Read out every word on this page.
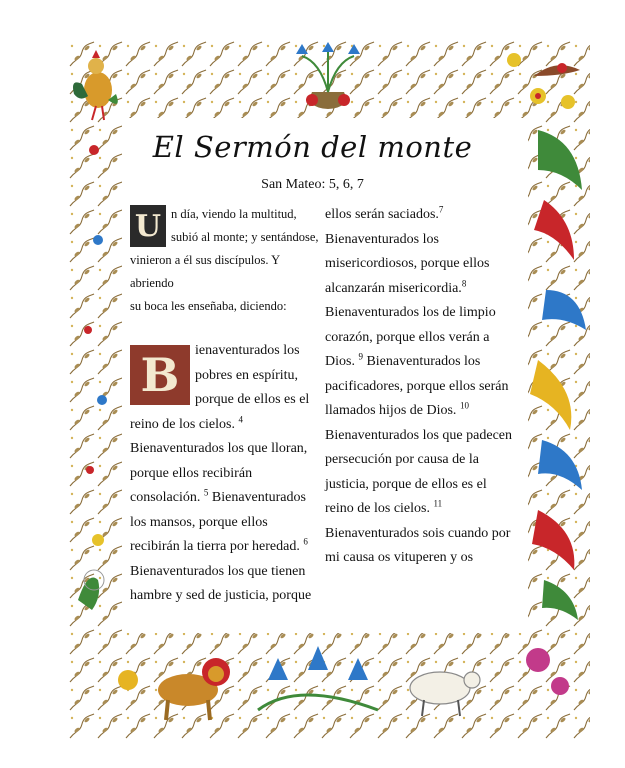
El Sermón del monte
San Mateo: 5, 6, 7
U n día, viendo la multitud,
subió al monte; y sentándose,
vinieron a él sus discípulos. Y abriendo
su boca les enseñaba, diciendo:
B	ienaventurados los
pobres en espíritu,
porque de ellos es el
reino de los cielos. $^4$
Bienaventurados los que lloran,
porque ellos recibirán
consolación. $^5$ Bienaventurados
los mansos, porque ellos
recibirán la tierra por heredad. $^6$
Bienaventurados los que tienen
hambre y sed de justicia, porque

ellos serán saciados.$^7$
Bienaventurados los
misericordiosos, porque ellos
alcanzarán misericordia.$^8$
Bienaventurados los de limpio
corazón, porque ellos verán a
Dios. $^9$ Bienaventurados los
pacificadores, porque ellos serán
llamados hijos de Dios. $^{10}$
Bienaventurados los que padecen
persecución por causa de la
justicia, porque de ellos es el
reino de los cielos. $^{11}$
Bienaventurados sois cuando por
mi causa os vituperen y os
